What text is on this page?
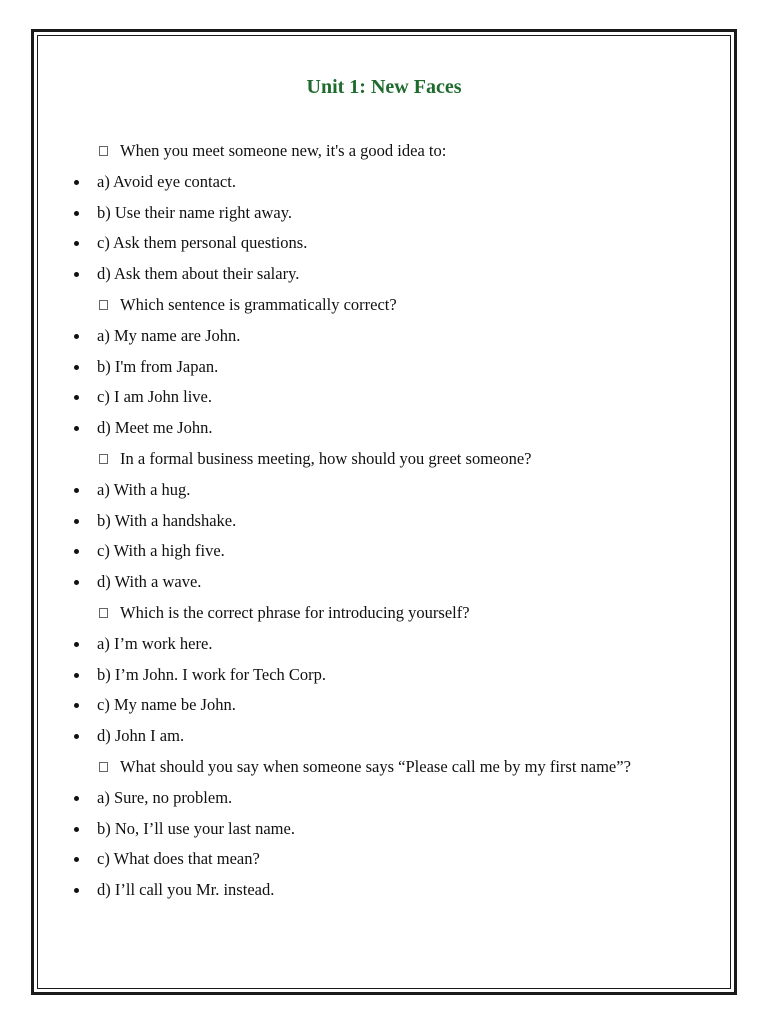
Unit 1: New Faces
When you meet someone new, it's a good idea to:
a) Avoid eye contact.
b) Use their name right away.
c) Ask them personal questions.
d) Ask them about their salary.
Which sentence is grammatically correct?
a) My name are John.
b) I'm from Japan.
c) I am John live.
d) Meet me John.
In a formal business meeting, how should you greet someone?
a) With a hug.
b) With a handshake.
c) With a high five.
d) With a wave.
Which is the correct phrase for introducing yourself?
a) I’m work here.
b) I’m John. I work for Tech Corp.
c) My name be John.
d) John I am.
What should you say when someone says “Please call me by my first name”?
a) Sure, no problem.
b) No, I’ll use your last name.
c) What does that mean?
d) I’ll call you Mr. instead.
